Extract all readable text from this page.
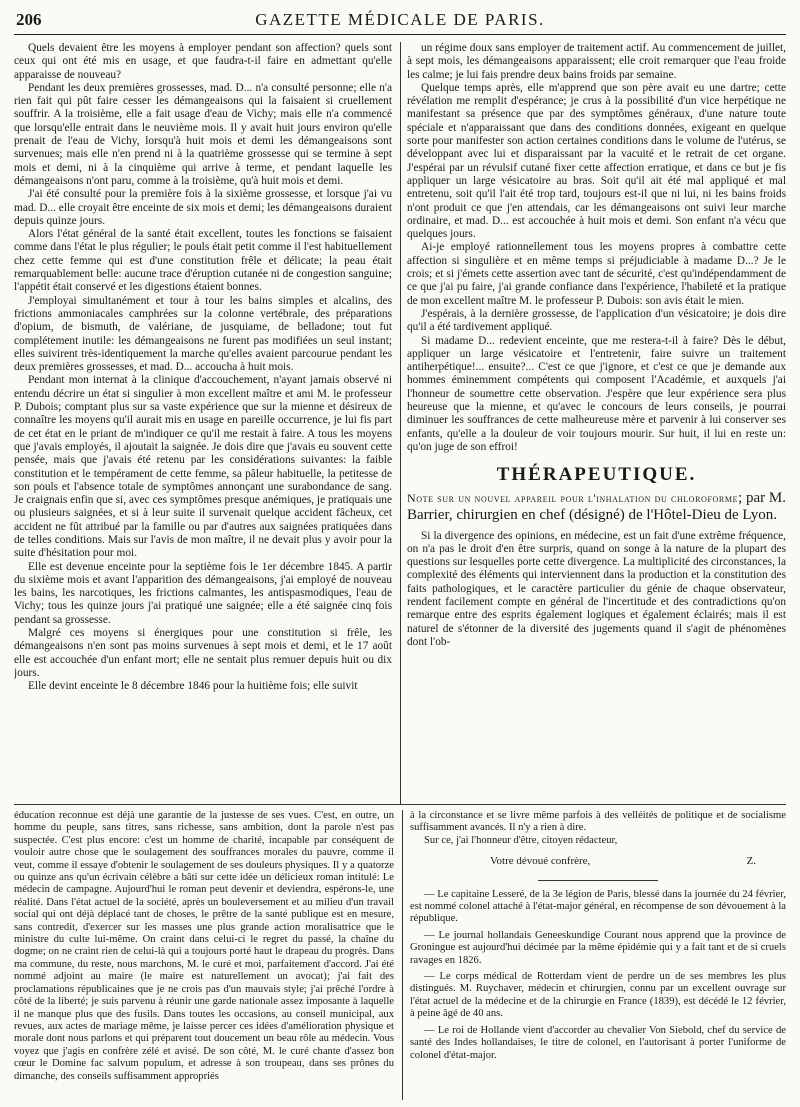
206	GAZETTE MÉDICALE DE PARIS.

Quels devaient être les moyens à employer pendant son affection? quels sont ceux qui ont été mis en usage, et que faudra-t-il faire en admettant qu'elle apparaisse de nouveau?

Pendant les deux premières grossesses, mad. D... n'a consulté personne; elle n'a rien fait qui pût faire cesser les démangeaisons qui la faisaient si cruellement souffrir. A la troisième, elle a fait usage d'eau de Vichy; mais elle n'a commencé que lorsqu'elle entrait dans le neuvième mois. Il y avait huit jours environ qu'elle prenait de l'eau de Vichy, lorsqu'à huit mois et demi les démangeaisons sont survenues; mais elle n'en prend ni à la quatrième grossesse qui se termine à sept mois et demi, ni à la cinquième qui arrive à terme, et pendant laquelle les démangeaisons n'ont paru, comme à la troisième, qu'à huit mois et demi.

J'ai été consulté pour la première fois à la sixième grossesse, et lorsque j'ai vu mad. D... elle croyait être enceinte de six mois et demi; les démangeaisons duraient depuis quinze jours.

Alors l'état général de la santé était excellent, toutes les fonctions se faisaient comme dans l'état le plus régulier; le pouls était petit comme il l'est habituellement chez cette femme qui est d'une constitution frêle et délicate; la peau était remarquablement belle: aucune trace d'éruption cutanée ni de congestion sanguine; l'appétit était conservé et les digestions étaient bonnes.

J'employai simultanément et tour à tour les bains simples et alcalins, des frictions ammoniacales camphrées sur la colonne vertébrale, des préparations d'opium, de bismuth, de valériane, de jusquiame, de belladone; tout fut complétement inutile: les démangeaisons ne furent pas modifiées un seul instant; elles suivirent très-identiquement la marche qu'elles avaient parcourue pendant les deux premières grossesses, et mad. D... accoucha à huit mois.

Pendant mon internat à la clinique d'accouchement, n'ayant jamais observé ni entendu décrire un état si singulier à mon excellent maître et ami M. le professeur P. Dubois; comptant plus sur sa vaste expérience que sur la mienne et désireux de connaître les moyens qu'il aurait mis en usage en pareille occurrence, je lui fis part de cet état en le priant de m'indiquer ce qu'il me restait à faire. A tous les moyens que j'avais employés, il ajoutait la saignée. Je dois dire que j'avais eu souvent cette pensée, mais que j'avais été retenu par les considérations suivantes: la faible constitution et le tempérament de cette femme, sa pâleur habituelle, la petitesse de son pouls et l'absence totale de symptômes annonçant une surabondance de sang. Je craignais enfin que si, avec ces symptômes presque anémiques, je pratiquais une ou plusieurs saignées, et si à leur suite il survenait quelque accident fâcheux, cet accident ne fût attribué par la famille ou par d'autres aux saignées pratiquées dans de telles conditions. Mais sur l'avis de mon maître, il ne devait plus y avoir pour la suite d'hésitation pour moi.

Elle est devenue enceinte pour la septième fois le 1er décembre 1845. A partir du sixième mois et avant l'apparition des démangeaisons, j'ai employé de nouveau les bains, les narcotiques, les frictions calmantes, les antispasmodiques, l'eau de Vichy; tous les quinze jours j'ai pratiqué une saignée; elle a été saignée cinq fois pendant sa grossesse.

Malgré ces moyens si énergiques pour une constitution si frêle, les démangeaisons n'en sont pas moins survenues à sept mois et demi, et le 17 août elle est accouchée d'un enfant mort; elle ne sentait plus remuer depuis huit ou dix jours.

Elle devint enceinte le 8 décembre 1846 pour la huitième fois; elle suivit

un régime doux sans employer de traitement actif. Au commencement de juillet, à sept mois, les démangeaisons apparaissent; elle croit remarquer que l'eau froide les calme; je lui fais prendre deux bains froids par semaine.

Quelque temps après, elle m'apprend que son père avait eu une dartre; cette révélation me remplit d'espérance; je crus à la possibilité d'un vice herpétique ne manifestant sa présence que par des symptômes généraux, d'une nature toute spéciale et n'apparaissant que dans des conditions données, exigeant en quelque sorte pour manifester son action certaines conditions dans le volume de l'utérus, se développant avec lui et disparaissant par la vacuité et le retrait de cet organe. J'espérai par un révulsif cutané fixer cette affection erratique, et dans ce but je fis appliquer un large vésicatoire au bras. Soit qu'il ait été mal appliqué et mal entretenu, soit qu'il l'ait été trop tard, toujours est-il que ni lui, ni les bains froids n'ont produit ce que j'en attendais, car les démangeaisons ont suivi leur marche ordinaire, et mad. D... est accouchée à huit mois et demi. Son enfant n'a vécu que quelques jours.

Ai-je employé rationnellement tous les moyens propres à combattre cette affection si singulière et en même temps si préjudiciable à madame D...? Je le crois; et si j'émets cette assertion avec tant de sécurité, c'est qu'indépendamment de ce que j'ai pu faire, j'ai grande confiance dans l'expérience, l'habileté et la pratique de mon excellent maître M. le professeur P. Dubois: son avis était le mien.

J'espérais, à la dernière grossesse, de l'application d'un vésicatoire; je dois dire qu'il a été tardivement appliqué.

Si madame D... redevient enceinte, que me restera-t-il à faire? Dès le début, appliquer un large vésicatoire et l'entretenir, faire suivre un traitement antiherpétique!... ensuite?... C'est ce que j'ignore, et c'est ce que je demande aux hommes éminemment compétents qui composent l'Académie, et auxquels j'ai l'honneur de soumettre cette observation. J'espère que leur expérience sera plus heureuse que la mienne, et qu'avec le concours de leurs conseils, je pourrai diminuer les souffrances de cette malheureuse mère et parvenir à lui conserver ses enfants, qu'elle a la douleur de voir toujours mourir. Sur huit, il lui en reste un: qu'on juge de son effroi!

THÉRAPEUTIQUE.
Note sur un nouvel appareil pour l'inhalation du chloroforme; par M. Barrier, chirurgien en chef (désigné) de l'Hôtel-Dieu de Lyon.

Si la divergence des opinions, en médecine, est un fait d'une extrême fréquence, on n'a pas le droit d'en être surpris, quand on songe à la nature de la plupart des questions sur lesquelles porte cette divergence. La multiplicité des circonstances, la complexité des éléments qui interviennent dans la production et la constitution des faits pathologiques, et le caractère particulier du génie de chaque observateur, rendent facilement compte en général de l'incertitude et des contradictions qu'on remarque entre des esprits également logiques et également éclairés; mais il est naturel de s'étonner de la diversité des jugements quand il s'agit de phénomènes dont l'ob-

éducation reconnue est déjà une garantie de la justesse de ses vues. C'est, en outre, un homme du peuple, sans titres, sans richesse, sans ambition, dont la parole n'est pas suspectée. C'est plus encore: c'est un homme de charité, incapable par conséquent de vouloir autre chose que le soulagement des souffrances morales du pauvre, comme il veut, comme il essaye d'obtenir le soulagement de ses douleurs physiques. Il y a quatorze ou quinze ans qu'un écrivain célèbre a bâti sur cette idée un délicieux roman intitulé: Le médecin de campagne. Aujourd'hui le roman peut devenir et deviendra, espérons-le, une réalité. Dans l'état actuel de la société, après un bouleversement et au milieu d'un travail social qui ont déjà déplacé tant de choses, le prêtre de la santé publique est en mesure, sans contredit, d'exercer sur les masses une plus grande action moralisatrice que le ministre du culte lui-même. On craint dans celui-ci le regret du passé, la chaîne du dogme; on ne craint rien de celui-là qui a toujours porté haut le drapeau du progrès. Dans ma commune, du reste, nous marchons, M. le curé et moi, parfaitement d'accord. J'ai été nommé adjoint au maire (le maire est naturellement un avocat); j'ai fait des proclamations républicaines que je ne crois pas d'un mauvais style; j'ai prêché l'ordre à côté de la liberté; je suis parvenu à réunir une garde nationale assez imposante à laquelle il ne manque plus que des fusils. Dans toutes les occasions, au conseil municipal, aux revues, aux actes de mariage même, je laisse percer ces idées d'amélioration physique et morale dont nous parlons et qui préparent tout doucement un beau rôle au médecin. Vous voyez que j'agis en confrère zélé et avisé. De son côté, M. le curé chante d'assez bon cœur le Domine fac salvum populum, et adresse à son troupeau, dans ses prônes du dimanche, des conseils suffisamment appropriés

à la circonstance et se livre même parfois à des velléités de politique et de socialisme suffisamment avancés. Il n'y a rien à dire.

Sur ce, j'ai l'honneur d'être, citoyen rédacteur,

Votre dévoué confrère,	Z.

— Le capitaine Lesseré, de la 3e légion de Paris, blessé dans la journée du 24 février, est nommé colonel attaché à l'état-major général, en récompense de son dévouement à la république.

— Le journal hollandais Geneeskundige Courant nous apprend que la province de Groningue est aujourd'hui décimée par la même épidémie qui y a fait tant et de si cruels ravages en 1826.

— Le corps médical de Rotterdam vient de perdre un de ses membres les plus distingués. M. Ruychaver, médecin et chirurgien, connu par un excellent ouvrage sur l'état actuel de la médecine et de la chirurgie en France (1839), est décédé le 12 février, à peine âgé de 40 ans.

— Le roi de Hollande vient d'accorder au chevalier Von Siebold, chef du service de santé des Indes hollandaises, le titre de colonel, en l'autorisant à porter l'uniforme de colonel d'état-major.
